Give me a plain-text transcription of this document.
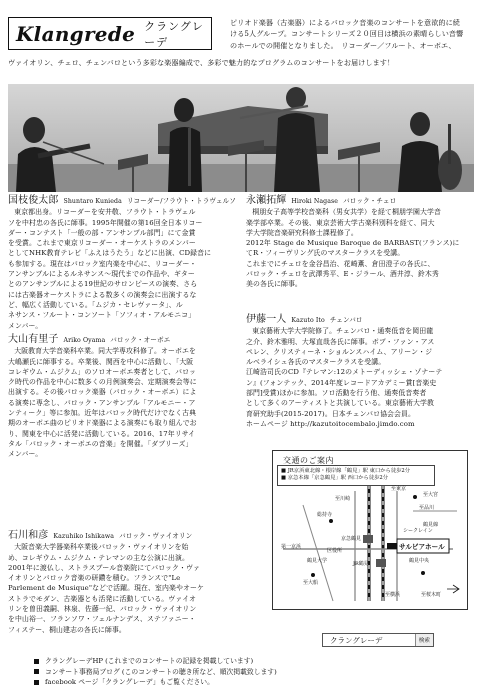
Klangrede クラングレーデ
ピリオド楽器（古楽器）によるバロック音楽のコンサートを意欲的に続
ける5人グループ。コンサートシリーズ２０回目は横浜の素晴らしい音響
のホールでの開催となりました。　リコーダー／フルート、オーボエ、
ヴァイオリン、チェロ、チェンバロという多彩な楽器編成で、多彩で魅力的なプログラムのコンサートをお届けします！
国枝俊太郎 Shuntaro Kunieda リコーダー/フラウト・トラヴェルソ

東京都出身。リコーダーを安井敬、フラウト・トラヴェル

ソを中村忠の各氏に師事。1995年開催の第16回全日本リコー
ダー・コンテスト「一般の部・アンサンブル部門」にて金賞
を受賞。これまで東京リコーダー・オーケストラのメンバー
としてNHK教育テレビ「ふえはうたう」などに出演、CD録音に
も参加する。現在はバロック室内楽を中心に、リコーダー・
アンサンブルによるルネサンス〜現代までの作品や、ギター
とのアンサンブルによる19世紀のサロンピースの演奏、さら
には古楽器オーケストラによる数多くの演奏会に出演するな
ど、幅広く活動している。「ムジカ・セレヴァータ」、ル
ネサンス・フルート・コンソート「ソフィオ・アルモニコ」
メンバー。
大山有里子 Ariko Oyama バロック・オーボエ

大阪教育大学音楽科卒業。同大学専攻科修了。オーボエを

大嶋瀬氏に師事する。卒業後、関西を中心に活動し、「大阪
コレギウム・ムジクム」のソロオーボエ奏者として、バロッ
ク時代の作品を中心に数多くの月例演奏会、定期演奏会等に
出演する。その後バロック楽器（バロック・オーボエ）によ
る演奏に専念し、バロック・アンサンブル「アルモニー・ア
ンティーク」等に参加。近年はバロック時代だけでなく古典
期のオーボエ曲のピリオド楽器による演奏にも取り組んでお
り、関東を中心に活発に活動している。2016、17年リサイ
タル「バロック・オーボエの音楽」を開催。「ダブリーズ」
メンバー。
石川和彦 Kazuhiko Ishikawa バロック・ヴァイオリン

大阪音楽大学器楽科卒業後バロック・ヴァイオリンを始

め、コレギウム・ムジクム・テレマンの主な公演に出演。
2001年に渡仏し、ストラスブール音楽院にてバロック・ヴァ
イオリンとバロック音楽の研鑽を積む。フランスで"Le
Parlement de Musique"などで活躍。現在、室内楽やオーケ
ストラでモダン、古楽器とも活発に活動している。ヴァイオ
リンを曽田義嗣、林泉、佐藤一紀、バロック・ヴァイオリン
を中山裕一、フランソワ・フェルナンデス、ステファニー・
フィステー、桐山建志の各氏に師事。
永瀬拓輝 Hiroki Nagase バロック・チェロ

桐朋女子高等学校音楽科（男女共学）を経て桐朋学園大学音

楽学部卒業。その後、東京芸術大学古楽科別科を経て、同大
学大学院音楽研究科修士課程修了。
2012年 Stage de Musique Baroque de BARBAST(フランス)に
てR・フィーヴリング氏のマスタークラスを受講。
これまでにチェロを金谷昌治、花崎薫、倉田澄子の各氏に、
バロック・チェロを武澤秀平、E・ジラール、酒井淳、鈴木秀
美の各氏に師事。
伊藤一人 Kazuto Ito チェンバロ

東京藝術大学大学院修了。チェンバロ・通奏低音を岡田龍

之介、鈴木雅明、大塚直哉各氏に師事。ボブ・ファン・アス
ペレン、クリスティーネ・ショルンスハイム、アリーン・ジ
ルベライシュ各氏のマスタークラスを受講。
江崎浩司氏のCD『テレマン:12のメトーディッシェ・ゾナーテ
ン』(フォンテック、2014年度レコードアカデミー賞[音楽史
部門]受賞)ほかに参加。ソロ活動を行う他、通奏低音奏者
として多くのアーティストと共演している。東京藝術大学教
育研究助手(2015-2017)。日本チェンバロ協会会員。
ホームページ http://kazutoitocembalo.jimdo.com
交通のご案内
■ JR京浜東北線・根岸線「鶴見」駅 東口から徒歩2分
■ 京急本線「京急鶴見」駅 西口から徒歩2分
サルビアホール
至東京
至大宮
至品川
至横浜
総持寺
京急鶴見
JR鶴見
鶴見線
第一京浜
鶴見大学
区役所
シークレイン
鶴見中央
至川崎
至大船
至桜木町
クラングレーデ	検索
クラングレーデHP (これまでのコンサートの記録を掲載しています)
コンサート事務局ブログ (このコンサートの聴き所など、順次掲載致します)
facebook ページ「クラングレーデ」もご覧ください。
